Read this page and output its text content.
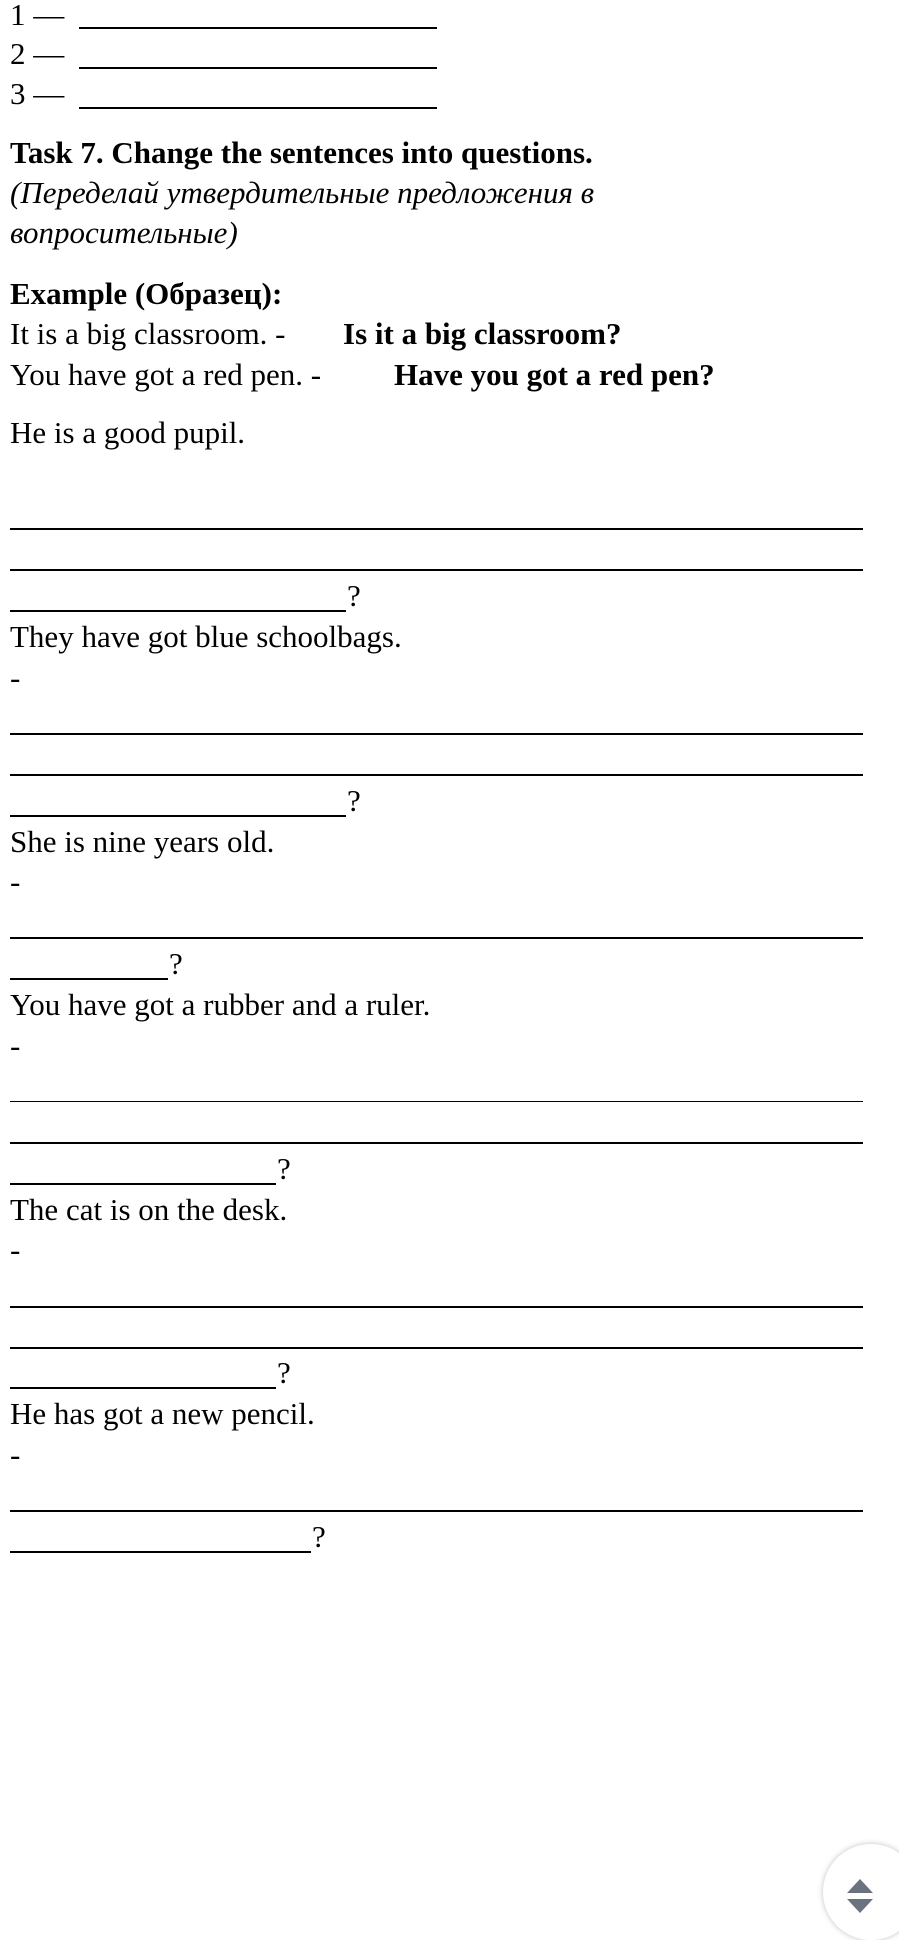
1 —
2 —
3 —
Task 7. Change the sentences into questions.
(Переделай утвердительные предложения в
вопросительные)
Example (Образец):
It is a big classroom. - Is it a big classroom?
You have got a red pen. - Have you got a red pen?
He is a good pupil.
?
They have got blue schoolbags.
-
?
She is nine years old.
-
?
You have got a rubber and a ruler.
-
?
The cat is on the desk.
-
?
He has got a new pencil.
-
?
